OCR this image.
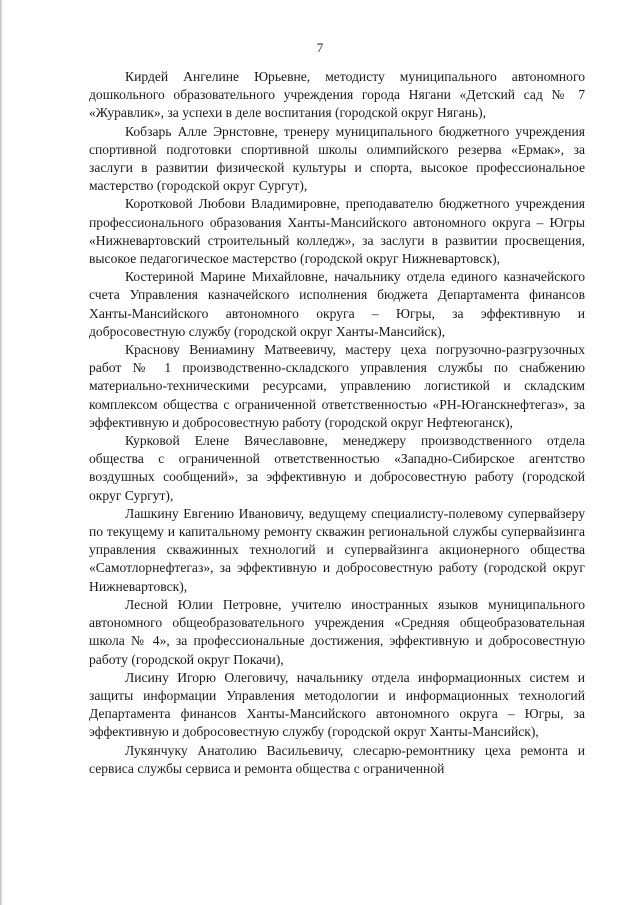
7

Кирдей Ангелине Юрьевне, методисту муниципального автономного дошкольного образовательного учреждения города Нягани «Детский сад № 7 «Журавлик», за успехи в деле воспитания (городской округ Нягань),

Кобзарь Алле Эрнстовне, тренеру муниципального бюджетного учреждения спортивной подготовки спортивной школы олимпийского резерва «Ермак», за заслуги в развитии физической культуры и спорта, высокое профессиональное мастерство (городской округ Сургут),

Коротковой Любови Владимировне, преподавателю бюджетного учреждения профессионального образования Ханты-Мансийского автономного округа – Югры «Нижневартовский строительный колледж», за заслуги в развитии просвещения, высокое педагогическое мастерство (городской округ Нижневартовск),

Костериной Марине Михайловне, начальнику отдела единого казначейского счета Управления казначейского исполнения бюджета Департамента финансов Ханты-Мансийского автономного округа – Югры, за эффективную и добросовестную службу (городской округ Ханты-Мансийск),

Краснову Вениамину Матвеевичу, мастеру цеха погрузочно-разгрузочных работ № 1 производственно-складского управления службы по снабжению материально-техническими ресурсами, управлению логистикой и складским комплексом общества с ограниченной ответственностью «РН-Юганскнефтегаз», за эффективную и добросовестную работу (городской округ Нефтеюганск),

Курковой Елене Вячеславовне, менеджеру производственного отдела общества с ограниченной ответственностью «Западно-Сибирское агентство воздушных сообщений», за эффективную и добросовестную работу (городской округ Сургут),

Лашкину Евгению Ивановичу, ведущему специалисту-полевому супервайзеру по текущему и капитальному ремонту скважин региональной службы супервайзинга управления скважинных технологий и супервайзинга акционерного общества «Самотлорнефтегаз», за эффективную и добросовестную работу (городской округ Нижневартовск),

Лесной Юлии Петровне, учителю иностранных языков муниципального автономного общеобразовательного учреждения «Средняя общеобразовательная школа № 4», за профессиональные достижения, эффективную и добросовестную работу (городской округ Покачи),

Лисину Игорю Олеговичу, начальнику отдела информационных систем и защиты информации Управления методологии и информационных технологий Департамента финансов Ханты-Мансийского автономного округа – Югры, за эффективную и добросовестную службу (городской округ Ханты-Мансийск),

Лукянчуку Анатолию Васильевичу, слесарю-ремонтнику цеха ремонта и сервиса службы сервиса и ремонта общества с ограниченной
